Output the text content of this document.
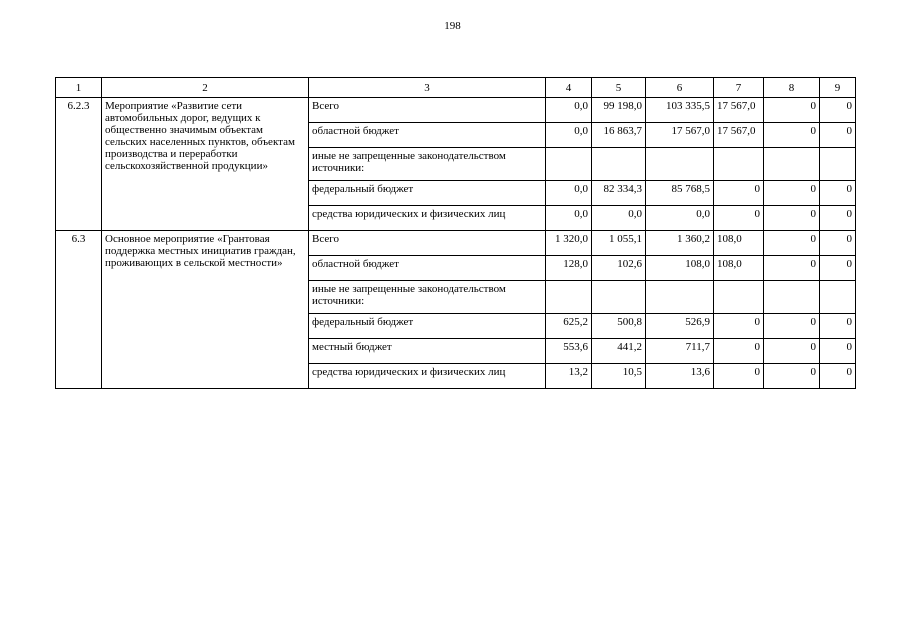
198
1	2	3	4	5	6	7	8	9
6.2.3	Мероприятие «Развитие сети автомобильных дорог, ведущих к общественно значимым объектам сельских населенных пунктов, объектам производства и переработки сельскохозяйственной продукции»	Всего	0,0	99 198,0	103 335,5	17 567,0	0	0
		областной бюджет	0,0	16 863,7	17 567,0	17 567,0	0	0
		иные не запрещенные законодательством источники:						
		федеральный бюджет	0,0	82 334,3	85 768,5	0	0	0
		средства юридических и физических лиц	0,0	0,0	0,0	0	0	0
6.3	Основное мероприятие «Грантовая поддержка местных инициатив граждан, проживающих в сельской местности»	Всего	1 320,0	1 055,1	1 360,2	108,0	0	0
		областной бюджет	128,0	102,6	108,0	108,0	0	0
		иные не запрещенные законодательством источники:						
		федеральный бюджет	625,2	500,8	526,9	0	0	0
		местный бюджет	553,6	441,2	711,7	0	0	0
		средства юридических и физических лиц	13,2	10,5	13,6	0	0	0
